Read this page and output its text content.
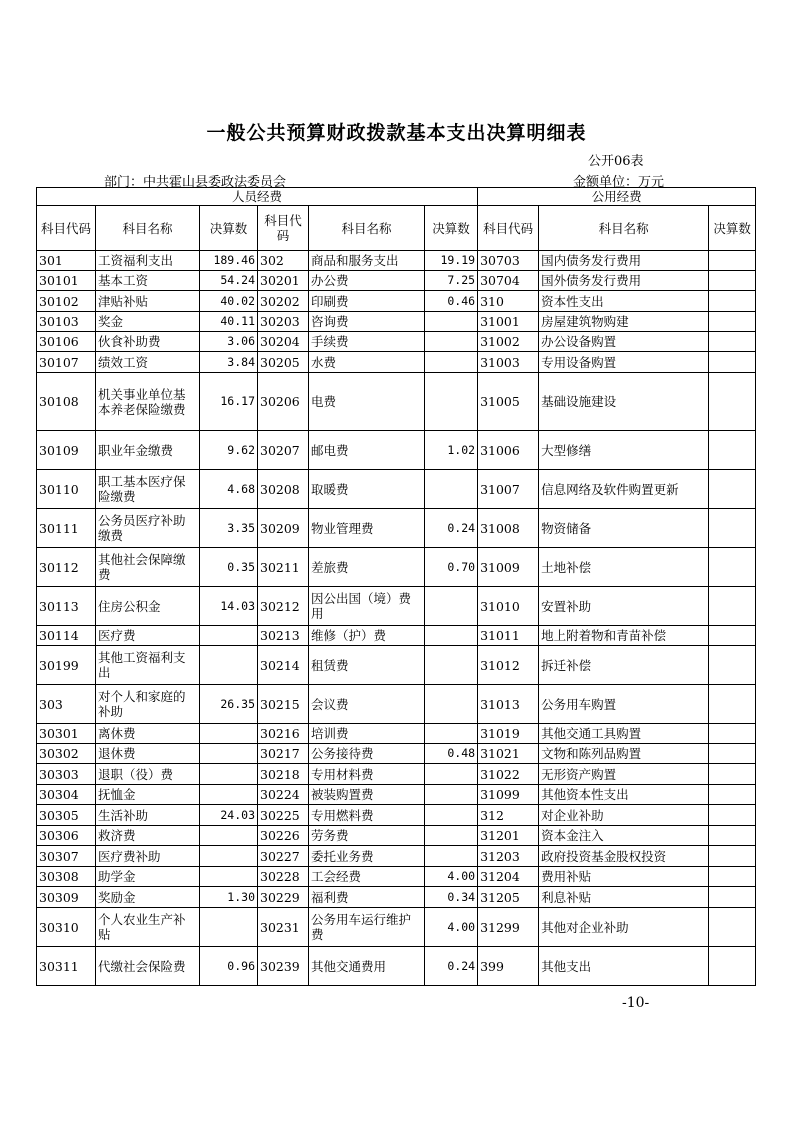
一般公共预算财政拨款基本支出决算明细表
公开06表
部门：中共霍山县委政法委员会	金额单位：万元
人员经费						公用经费		
科目代码	科目名称	决算数	科目代码	科目名称	决算数	科目代码	科目名称	决算数
301	工资福利支出	189.46	302	商品和服务支出	19.19	30703	国内债务发行费用	
30101	基本工资	54.24	30201	办公费	7.25	30704	国外债务发行费用	
30102	津贴补贴	40.02	30202	印刷费	0.46	310	资本性支出	
30103	奖金	40.11	30203	咨询费		31001	房屋建筑物购建	
30106	伙食补助费	3.06	30204	手续费		31002	办公设备购置	
30107	绩效工资	3.84	30205	水费		31003	专用设备购置	
30108	机关事业单位基本养老保险缴费	16.17	30206	电费		31005	基础设施建设	
30109	职业年金缴费	9.62	30207	邮电费	1.02	31006	大型修缮	
30110	职工基本医疗保险缴费	4.68	30208	取暖费		31007	信息网络及软件购置更新	
30111	公务员医疗补助缴费	3.35	30209	物业管理费	0.24	31008	物资储备	
30112	其他社会保障缴费	0.35	30211	差旅费	0.70	31009	土地补偿	
30113	住房公积金	14.03	30212	因公出国（境）费用		31010	安置补助	
30114	医疗费		30213	维修（护）费		31011	地上附着物和青苗补偿	
30199	其他工资福利支出		30214	租赁费		31012	拆迁补偿	
303	对个人和家庭的补助	26.35	30215	会议费		31013	公务用车购置	
30301	离休费		30216	培训费		31019	其他交通工具购置	
30302	退休费		30217	公务接待费	0.48	31021	文物和陈列品购置	
30303	退职（役）费		30218	专用材料费		31022	无形资产购置	
30304	抚恤金		30224	被装购置费		31099	其他资本性支出	
30305	生活补助	24.03	30225	专用燃料费		312	对企业补助	
30306	救济费		30226	劳务费		31201	资本金注入	
30307	医疗费补助		30227	委托业务费		31203	政府投资基金股权投资	
30308	助学金		30228	工会经费	4.00	31204	费用补贴	
30309	奖励金	1.30	30229	福利费	0.34	31205	利息补贴	
30310	个人农业生产补贴		30231	公务用车运行维护费	4.00	31299	其他对企业补助	
30311	代缴社会保险费	0.96	30239	其他交通费用	0.24	399	其他支出	
-10-
